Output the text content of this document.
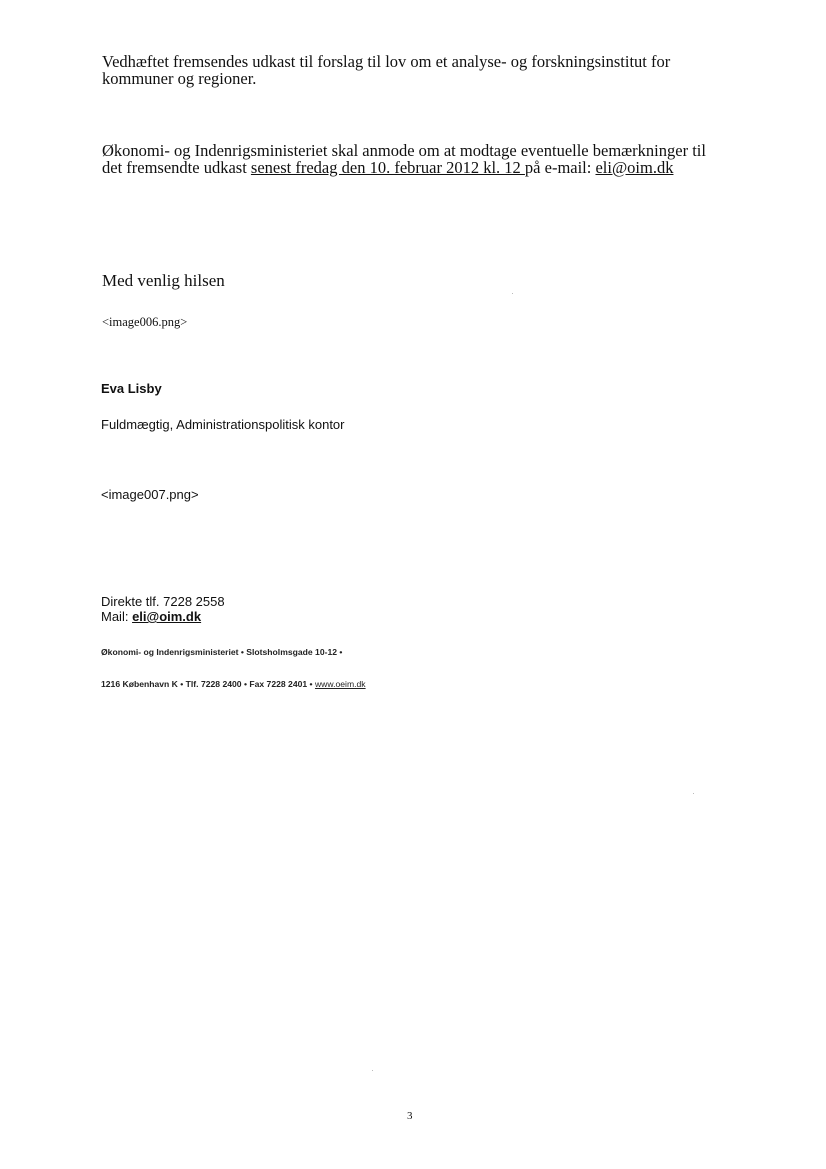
Vedhæftet fremsendes udkast til forslag til lov om et analyse- og forskningsinstitut for
kommuner og regioner.
Økonomi- og Indenrigsministeriet skal anmode om at modtage eventuelle bemærkninger til
det fremsendte udkast senest fredag den 10. februar 2012 kl. 12 på e-mail: eli@oim.dk
Med venlig hilsen
<image006.png>
Eva Lisby
Fuldmægtig, Administrationspolitisk kontor
<image007.png>
Direkte tlf. 7228 2558
Mail: eli@oim.dk
Økonomi- og Indenrigsministeriet • Slotsholmsgade 10-12 •
1216 København K • Tlf. 7228 2400 • Fax 7228 2401 • www.oeim.dk
3
